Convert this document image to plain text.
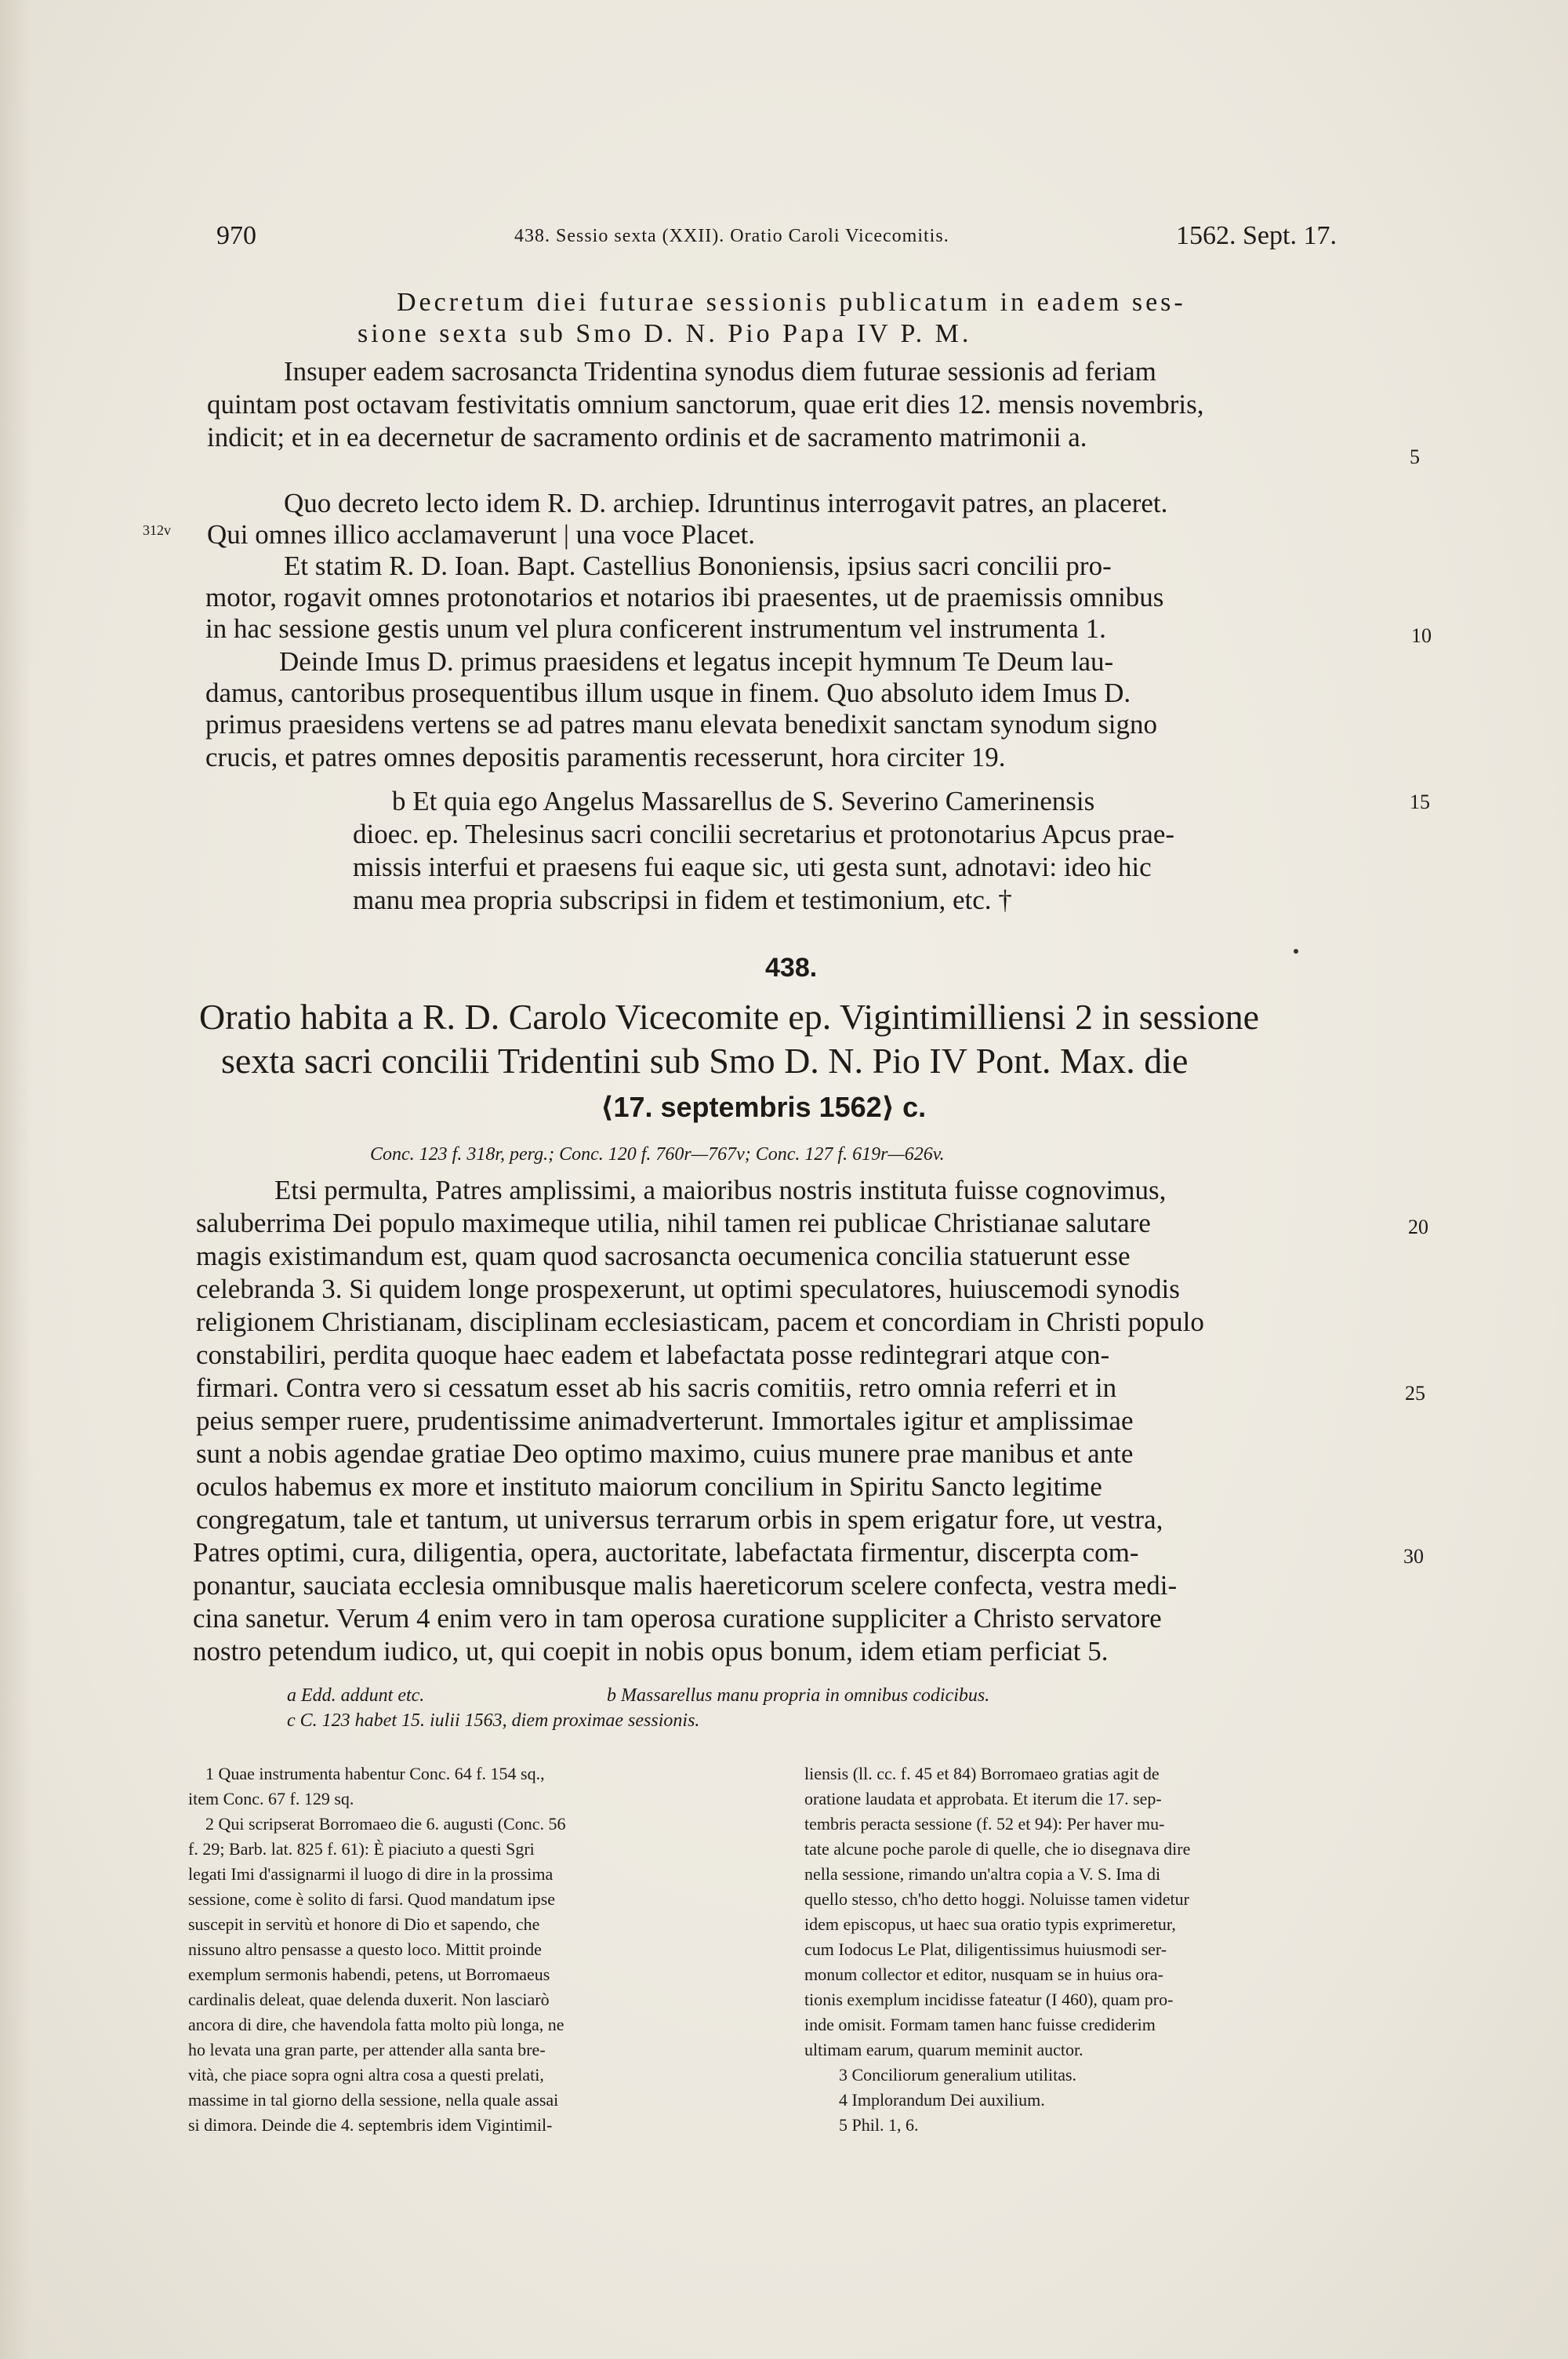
970	438. Sessio sexta (XXII). Oratio Caroli Vicecomitis.	1562. Sept. 17.
Decretum diei futurae sessionis publicatum in eadem ses-
sione sexta sub Smo D. N. Pio Papa IV P. M.
Insuper eadem sacrosancta Tridentina synodus diem futurae sessionis ad feriam
quintam post octavam festivitatis omnium sanctorum, quae erit dies 12. mensis novembris,
indicit; et in ea decernetur de sacramento ordinis et de sacramento matrimonii a.
Quo decreto lecto idem R. D. archiep. Idruntinus interrogavit patres, an placeret.
Qui omnes illico acclamaverunt | una voce Placet.
Et statim R. D. Ioan. Bapt. Castellius Bononiensis, ipsius sacri concilii pro-
motor, rogavit omnes protonotarios et notarios ibi praesentes, ut de praemissis omnibus
in hac sessione gestis unum vel plura conficerent instrumentum vel instrumenta 1.
Deinde Imus D. primus praesidens et legatus incepit hymnum Te Deum lau-
damus, cantoribus prosequentibus illum usque in finem. Quo absoluto idem Imus D.
primus praesidens vertens se ad patres manu elevata benedixit sanctam synodum signo
crucis, et patres omnes depositis paramentis recesserunt, hora circiter 19.
b Et quia ego Angelus Massarellus de S. Severino Camerinensis
dioec. ep. Thelesinus sacri concilii secretarius et protonotarius Apcus prae-
missis interfui et praesens fui eaque sic, uti gesta sunt, adnotavi: ideo hic
manu mea propria subscripsi in fidem et testimonium, etc. †
438.
Oratio habita a R. D. Carolo Vicecomite ep. Vigintimilliensi 2 in sessione
sexta sacri concilii Tridentini sub Smo D. N. Pio IV Pont. Max. die
⟨17. septembris 1562⟩ c.
Conc. 123 f. 318r, perg.; Conc. 120 f. 760r—767v; Conc. 127 f. 619r—626v.
Etsi permulta, Patres amplissimi, a maioribus nostris instituta fuisse cognovimus,
saluberrima Dei populo maximeque utilia, nihil tamen rei publicae Christianae salutare
magis existimandum est, quam quod sacrosancta oecumenica concilia statuerunt esse
celebranda 3. Si quidem longe prospexerunt, ut optimi speculatores, huiuscemodi synodis
religionem Christianam, disciplinam ecclesiasticam, pacem et concordiam in Christi populo
constabiliri, perdita quoque haec eadem et labefactata posse redintegrari atque con-
firmari. Contra vero si cessatum esset ab his sacris comitiis, retro omnia referri et in
peius semper ruere, prudentissime animadverterunt. Immortales igitur et amplissimae
sunt a nobis agendae gratiae Deo optimo maximo, cuius munere prae manibus et ante
oculos habemus ex more et instituto maiorum concilium in Spiritu Sancto legitime
congregatum, tale et tantum, ut universus terrarum orbis in spem erigatur fore, ut vestra,
Patres optimi, cura, diligentia, opera, auctoritate, labefactata firmentur, discerpta com-
ponantur, sauciata ecclesia omnibusque malis haereticorum scelere confecta, vestra medi-
cina sanetur. Verum 4 enim vero in tam operosa curatione suppliciter a Christo servatore
nostro petendum iudico, ut, qui coepit in nobis opus bonum, idem etiam perficiat 5.
312v
5
10
15
20
25
30
a Edd. addunt etc.	b Massarellus manu propria in omnibus codicibus.
c C. 123 habet 15. iulii 1563, diem proximae sessionis.
1 Quae instrumenta habentur Conc. 64 f. 154 sq.,
item Conc. 67 f. 129 sq.
2 Qui scripserat Borromaeo die 6. augusti (Conc. 56
f. 29; Barb. lat. 825 f. 61): È piaciuto a questi Sgri
legati Imi d'assignarmi il luogo di dire in la prossima
sessione, come è solito di farsi. Quod mandatum ipse
suscepit in servitù et honore di Dio et sapendo, che
nissuno altro pensasse a questo loco. Mittit proinde
exemplum sermonis habendi, petens, ut Borromaeus
cardinalis deleat, quae delenda duxerit. Non lasciarò
ancora di dire, che havendola fatta molto più longa, ne
ho levata una gran parte, per attender alla santa bre-
vità, che piace sopra ogni altra cosa a questi prelati,
massime in tal giorno della sessione, nella quale assai
si dimora. Deinde die 4. septembris idem Vigintimil-
liensis (ll. cc. f. 45 et 84) Borromaeo gratias agit de
oratione laudata et approbata. Et iterum die 17. sep-
tembris peracta sessione (f. 52 et 94): Per haver mu-
tate alcune poche parole di quelle, che io disegnava dire
nella sessione, rimando un'altra copia a V. S. Ima di
quello stesso, ch'ho detto hoggi. Noluisse tamen videtur
idem episcopus, ut haec sua oratio typis exprimeretur,
cum Iodocus Le Plat, diligentissimus huiusmodi ser-
monum collector et editor, nusquam se in huius ora-
tionis exemplum incidisse fateatur (I 460), quam pro-
inde omisit. Formam tamen hanc fuisse crediderim
ultimam earum, quarum meminit auctor.
3 Conciliorum generalium utilitas.
4 Implorandum Dei auxilium.
5 Phil. 1, 6.
